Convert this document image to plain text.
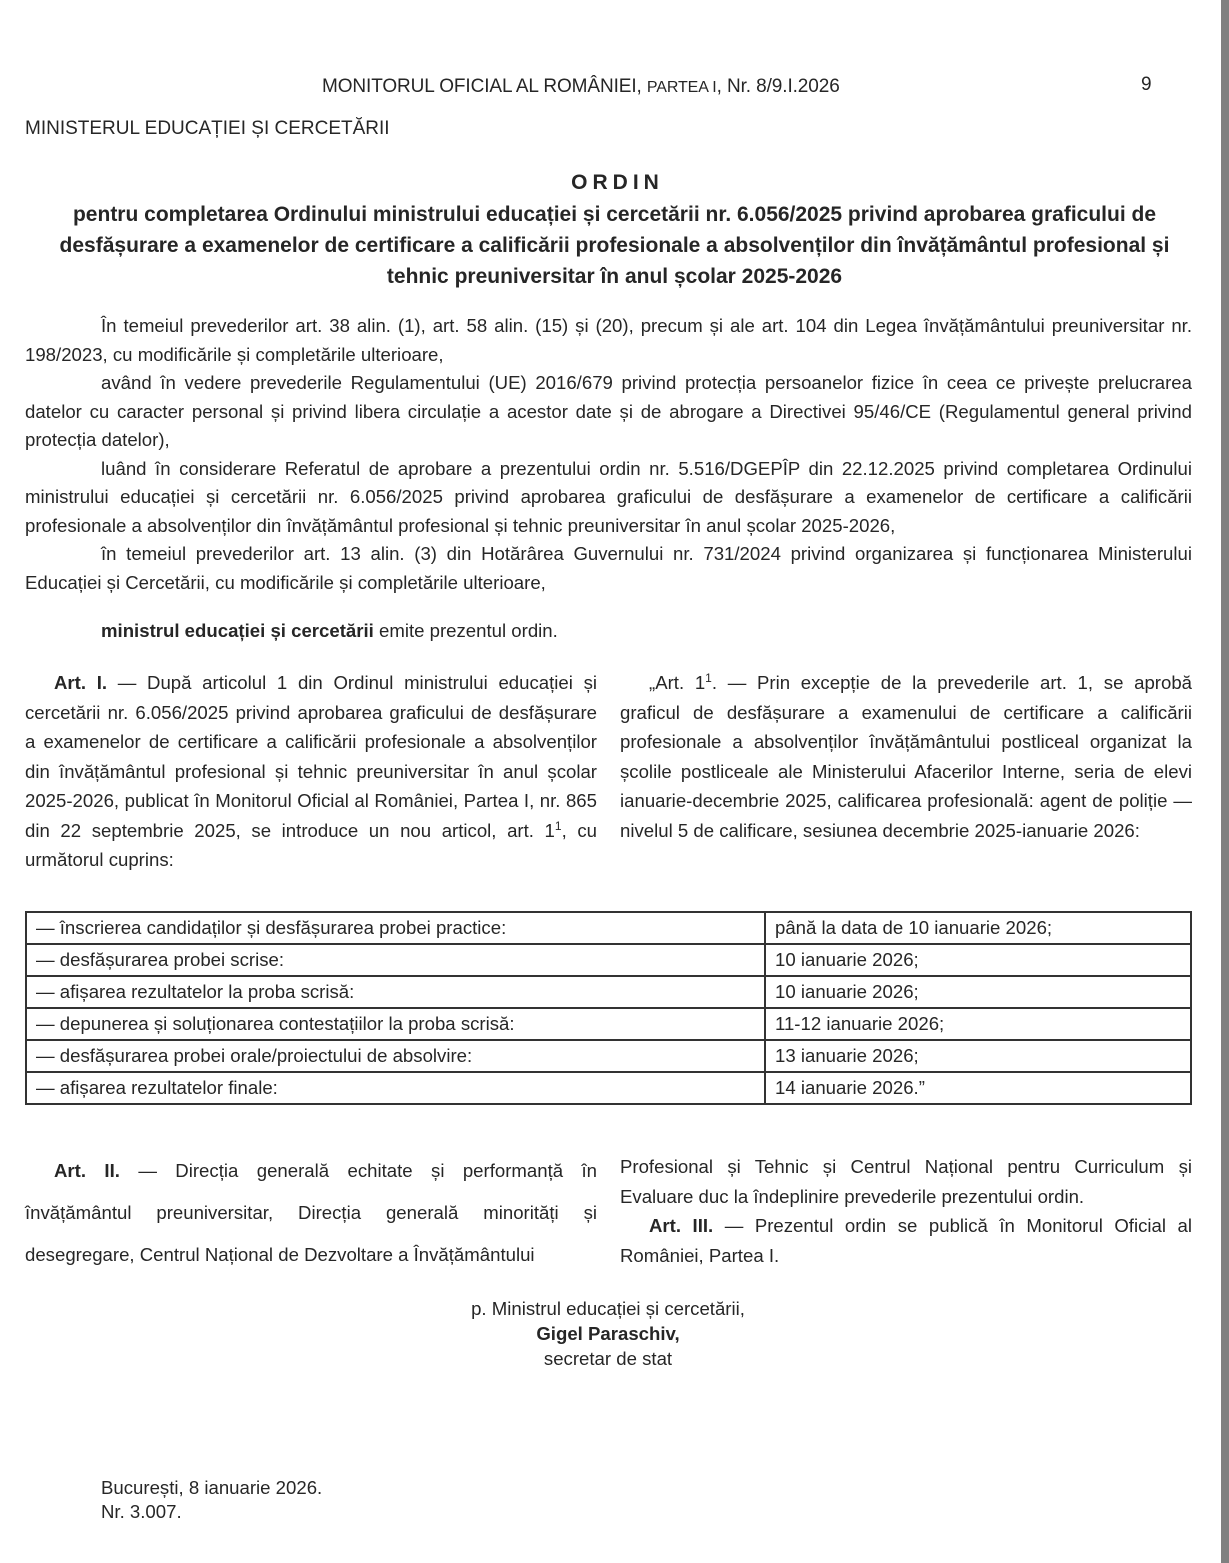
MONITORUL OFICIAL AL ROMÂNIEI, PARTEA I, Nr. 8/9.I.2026	9
MINISTERUL EDUCAȚIEI ȘI CERCETĂRII
ORDIN
pentru completarea Ordinului ministrului educației și cercetării nr. 6.056/2025 privind aprobarea graficului de desfășurare a examenelor de certificare a calificării profesionale a absolvenților din învățământul profesional și tehnic preuniversitar în anul școlar 2025-2026

În temeiul prevederilor art. 38 alin. (1), art. 58 alin. (15) și (20), precum și ale art. 104 din Legea învățământului preuniversitar nr. 198/2023, cu modificările și completările ulterioare,

având în vedere prevederile Regulamentului (UE) 2016/679 privind protecția persoanelor fizice în ceea ce privește prelucrarea datelor cu caracter personal și privind libera circulație a acestor date și de abrogare a Directivei 95/46/CE (Regulamentul general privind protecția datelor),

luând în considerare Referatul de aprobare a prezentului ordin nr. 5.516/DGEPÎP din 22.12.2025 privind completarea Ordinului ministrului educației și cercetării nr. 6.056/2025 privind aprobarea graficului de desfășurare a examenelor de certificare a calificării profesionale a absolvenților din învățământul profesional și tehnic preuniversitar în anul școlar 2025-2026,

în temeiul prevederilor art. 13 alin. (3) din Hotărârea Guvernului nr. 731/2024 privind organizarea și funcționarea Ministerului Educației și Cercetării, cu modificările și completările ulterioare,

ministrul educației și cercetării emite prezentul ordin.

Art. I. — După articolul 1 din Ordinul ministrului educației și cercetării nr. 6.056/2025 privind aprobarea graficului de desfășurare a examenelor de certificare a calificării profesionale a absolvenților din învățământul profesional și tehnic preuniversitar în anul școlar 2025-2026, publicat în Monitorul Oficial al României, Partea I, nr. 865 din 22 septembrie 2025, se introduce un nou articol, art. $1^1$, cu următorul cuprins:

„Art. $1^1$. — Prin excepție de la prevederile art. 1, se aprobă graficul de desfășurare a examenului de certificare a calificării profesionale a absolvenților învățământului postliceal organizat la școlile postliceale ale Ministerului Afacerilor Interne, seria de elevi ianuarie-decembrie 2025, calificarea profesională: agent de poliție — nivelul 5 de calificare, sesiunea decembrie 2025-ianuarie 2026:

— înscrierea candidaților și desfășurarea probei practice:	până la data de 10 ianuarie 2026;
— desfășurarea probei scrise:	10 ianuarie 2026;
— afișarea rezultatelor la proba scrisă:	10 ianuarie 2026;
— depunerea și soluționarea contestațiilor la proba scrisă:	11-12 ianuarie 2026;
— desfășurarea probei orale/proiectului de absolvire:	13 ianuarie 2026;
— afișarea rezultatelor finale:	14 ianuarie 2026.”

Art. II. — Direcția generală echitate și performanță în învățământul preuniversitar, Direcția generală minorități și desegregare, Centrul Național de Dezvoltare a Învățământului

Profesional și Tehnic și Centrul Național pentru Curriculum și Evaluare duc la îndeplinire prevederile prezentului ordin.

Art. III. — Prezentul ordin se publică în Monitorul Oficial al României, Partea I.

p. Ministrul educației și cercetării,
Gigel Paraschiv,
secretar de stat
București, 8 ianuarie 2026.
Nr. 3.007.
